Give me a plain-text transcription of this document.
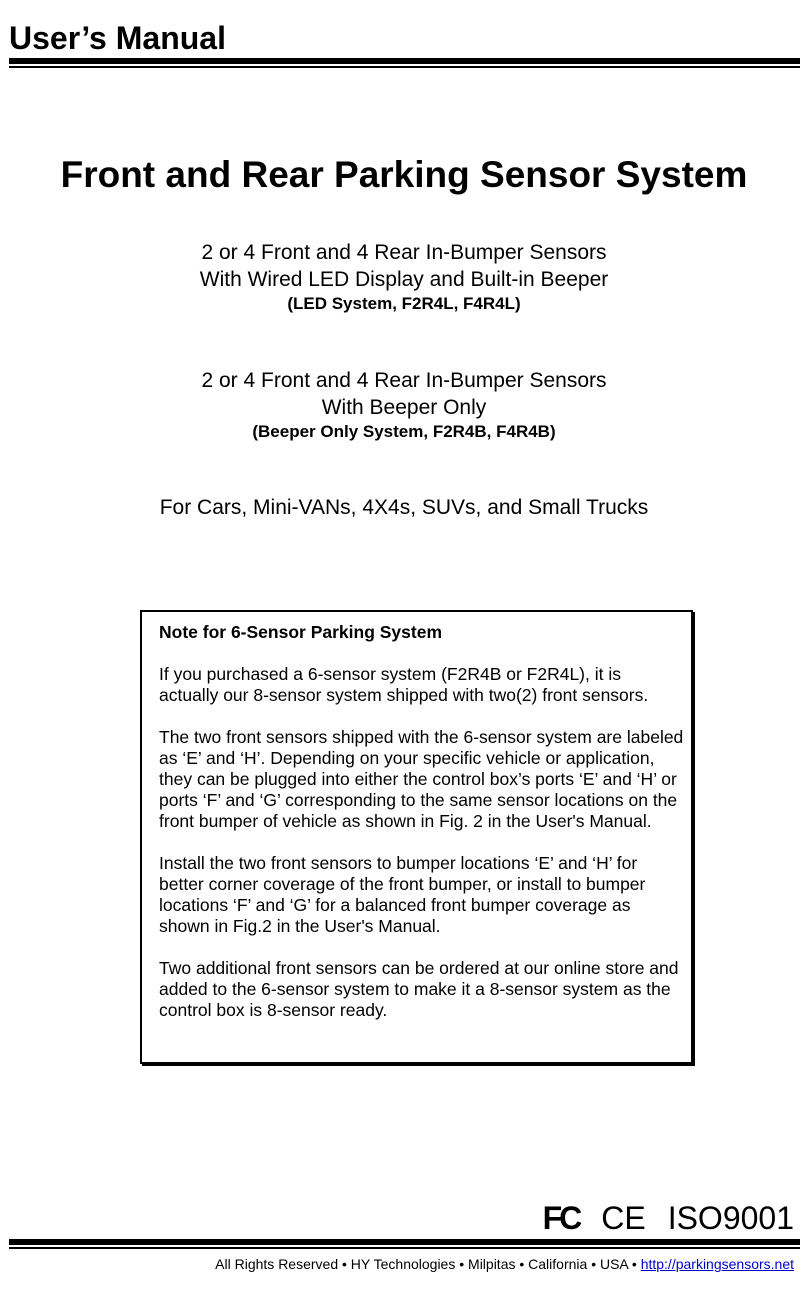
User’s Manual
Front and Rear Parking Sensor System
2 or 4 Front and 4 Rear In-Bumper Sensors
With Wired LED Display and Built-in Beeper
(LED System, F2R4L, F4R4L)
2 or 4 Front and 4 Rear In-Bumper Sensors
With Beeper Only
(Beeper Only System, F2R4B, F4R4B)
For Cars, Mini-VANs, 4X4s, SUVs, and Small Trucks

Note for 6-Sensor Parking System

If you purchased a 6-sensor system (F2R4B or F2R4L), it is actually our 8-sensor system shipped with two(2) front sensors.

The two front sensors shipped with the 6-sensor system are labeled as ‘E’ and ‘H’. Depending on your specific vehicle or application, they can be plugged into either the control box’s ports ‘E’ and ‘H’ or ports ‘F’ and ‘G’ corresponding to the same sensor locations on the front bumper of vehicle as shown in Fig. 2 in the User's Manual.

Install the two front sensors to bumper locations ‘E’ and ‘H’ for better corner coverage of the front bumper, or install to bumper locations ‘F’ and ‘G’ for a balanced front bumper coverage as shown in Fig.2 in the User's Manual.

Two additional front sensors can be ordered at our online store and added to the 6-sensor system to make it a 8-sensor system as the control box is 8-sensor ready.

FC CE ISO9001
All Rights Reserved • HY Technologies • Milpitas • California • USA • http://parkingsensors.net
